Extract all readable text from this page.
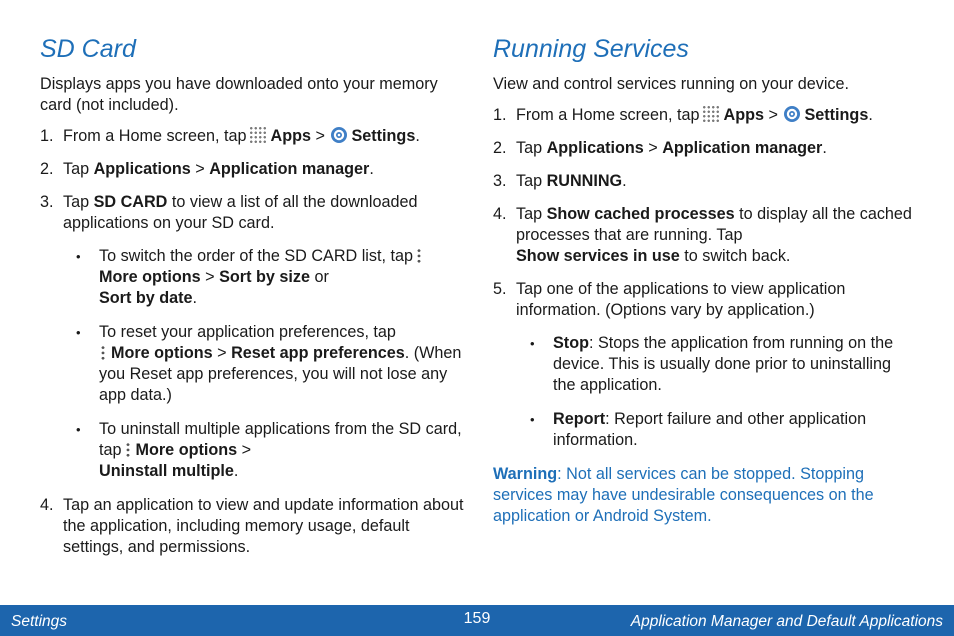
SD Card

Displays apps you have downloaded onto your memory card (not included).

1. From a Home screen, tap Apps > Settings.
2. Tap Applications > Application manager.
3. Tap SD CARD to view a list of all the downloaded applications on your SD card.
• To switch the order of the SD CARD list, tapMore options > Sort by size or
Sort by date.
• To reset your application preferences, tap
More options > Reset app preferences. (When you Reset app preferences, you will not lose any app data.)
• To uninstall multiple applications from the SD card, tap More options >
Uninstall multiple.
4. Tap an application to view and update information about the application, including memory usage, default settings, and permissions.
Running Services

View and control services running on your device.

1. From a Home screen, tap Apps > Settings.
2. Tap Applications > Application manager.
3. Tap RUNNING.
4. Tap Show cached processes to display all the cached processes that are running. Tap
Show services in use to switch back.
5. Tap one of the applications to view application information. (Options vary by application.)
• Stop: Stops the application from running on the device. This is usually done prior to uninstalling the application.
• Report: Report failure and other application information.

Warning: Not all services can be stopped. Stopping services may have undesirable consequences on the application or Android System.

Settings	159	Application Manager and Default Applications
